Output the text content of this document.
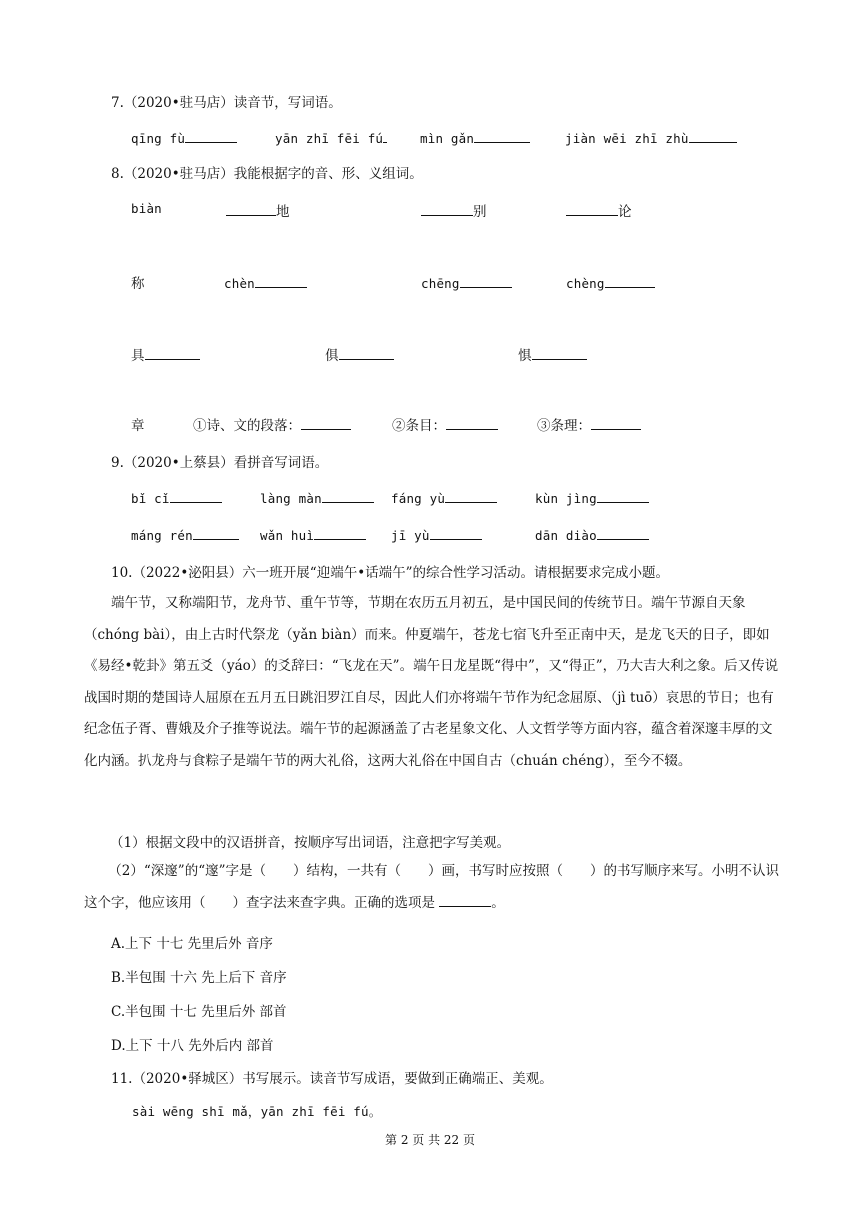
7.（2020•驻马店）读音节，写词语。
qīng fù	yān zhī fēi fú	mìn gǎn	jiàn wēi zhī zhù
8.（2020•驻马店）我能根据字的音、形、义组词。
biàn	地	别	论
称	chèn	chēng	chèng
具	俱	惧
章	①诗、文的段落：	②条目：	③条理：
9.（2020•上蔡县）看拼音写词语。
bǐ cǐ	làng màn	fáng yù	kùn jìng
máng rén	wǎn huì	jī yù	dān diào
10.（2022•泌阳县）六一班开展“迎端午•话端午”的综合性学习活动。请根据要求完成小题。
端午节，又称端阳节，龙舟节、重午节等，节期在农历五月初五，是中国民间的传统节日。端午节源自天象（chóng bài），由上古时代祭龙（yǎn biàn）而来。仲夏端午，苍龙七宿飞升至正南中天，是龙飞天的日子，即如《易经•乾卦》第五爻（yáo）的爻辞曰：“飞龙在天”。端午日龙星既“得中”，又“得正”，乃大吉大利之象。后又传说战国时期的楚国诗人屈原在五月五日跳汨罗江自尽，因此人们亦将端午节作为纪念屈原、（jì tuō）哀思的节日；也有纪念伍子胥、曹娥及介子推等说法。端午节的起源涵盖了古老星象文化、人文哲学等方面内容，蕴含着深邃丰厚的文化内涵。扒龙舟与食粽子是端午节的两大礼俗，这两大礼俗在中国自古（chuán chéng），至今不辍。
（1）根据文段中的汉语拼音，按顺序写出词语，注意把字写美观。
（2）“深邃”的“邃”字是（　　）结构，一共有（　　）画，书写时应按照（　　）的书写顺序来写。小明不认识这个字，他应该用（　　）查字法来查字典。正确的选项是	。
A.上下 十七 先里后外 音序
B.半包围 十六 先上后下 音序
C.半包围 十七 先里后外 部首
D.上下 十八 先外后内 部首
11.（2020•驿城区）书写展示。读音节写成语，要做到正确端正、美观。
sài wēng shī mǎ，yān zhī fēi fú。
第 2 页 共 22 页
